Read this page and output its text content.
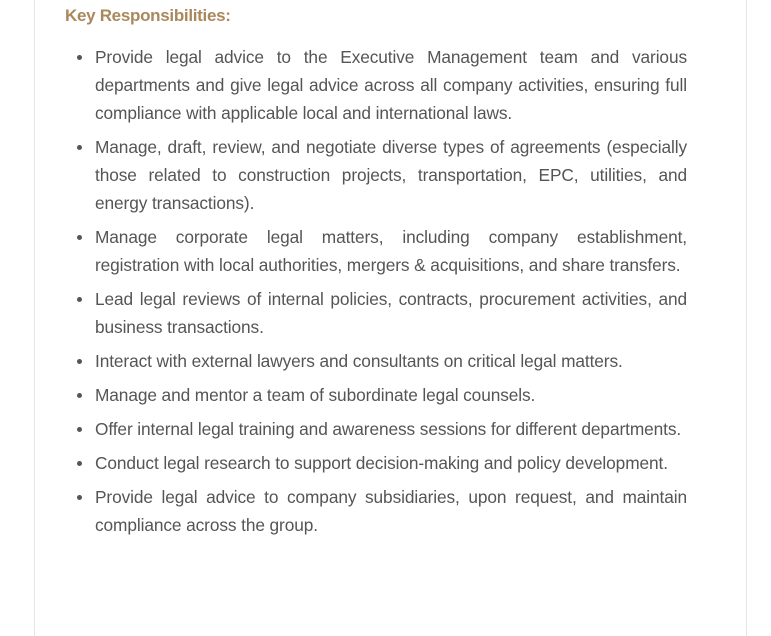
Key Responsibilities:
Provide legal advice to the Executive Management team and various departments and give legal advice across all company activities, ensuring full compliance with applicable local and international laws.
Manage, draft, review, and negotiate diverse types of agreements (especially those related to construction projects, transportation, EPC, utilities, and energy transactions).
Manage corporate legal matters, including company establishment, registration with local authorities, mergers & acquisitions, and share transfers.
Lead legal reviews of internal policies, contracts, procurement activities, and business transactions.
Interact with external lawyers and consultants on critical legal matters.
Manage and mentor a team of subordinate legal counsels.
Offer internal legal training and awareness sessions for different departments.
Conduct legal research to support decision-making and policy development.
Provide legal advice to company subsidiaries, upon request, and maintain compliance across the group.
